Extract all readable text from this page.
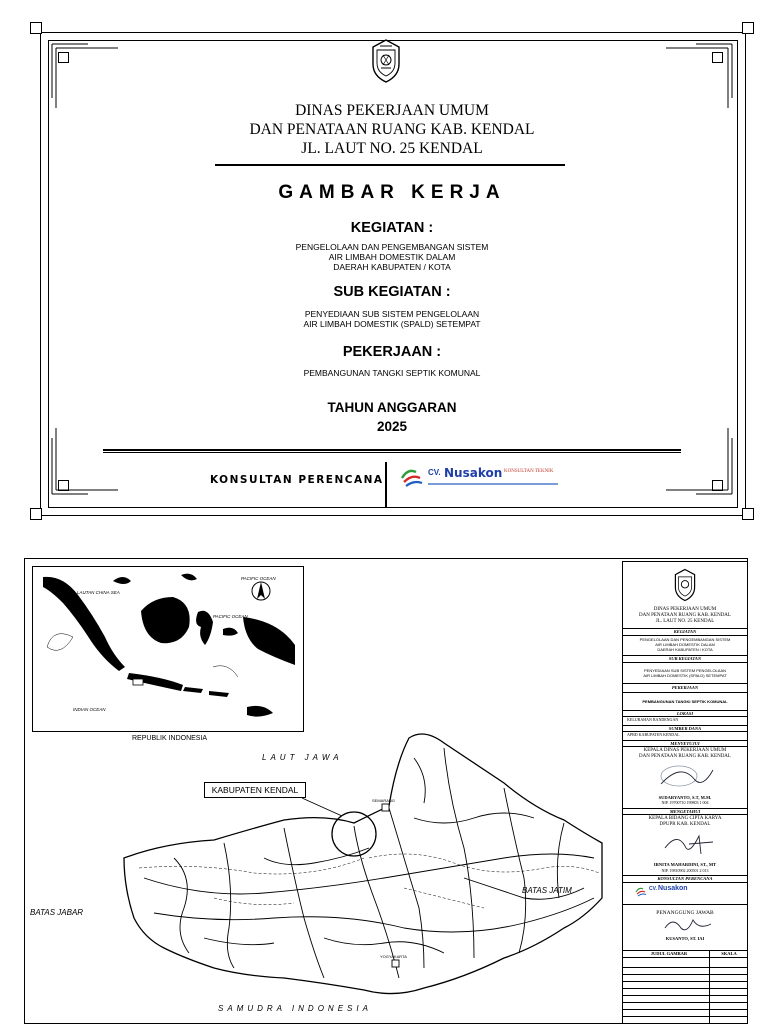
DINAS PEKERJAAN UMUM
DAN PENATAAN RUANG KAB. KENDAL
JL. LAUT NO. 25 KENDAL
GAMBAR KERJA
KEGIATAN :
PENGELOLAAN DAN PENGEMBANGAN SISTEM
AIR LIMBAH DOMESTIK DALAM
DAERAH KABUPATEN / KOTA
SUB KEGIATAN :
PENYEDIAAN SUB SISTEM PENGELOLAAN
AIR LIMBAH DOMESTIK (SPALD) SETEMPAT
PEKERJAAN :
PEMBANGUNAN TANGKI SEPTIK KOMUNAL
TAHUN ANGGARAN
2025
KONSULTAN PERENCANA
CV. Nusakon KONSULTAN TEKNIK
KABUPATEN KENDAL
LAUT JAWA
SAMUDRA INDONESIA
BATAS JABAR
BATAS JATIM
SEMARANG
YOGYAKARTA
LAUTAN CHINA SEA
PACIFIC OCEAN
INDIAN OCEAN
PACIFIC OCEAN
REPUBLIK INDONESIA
DINAS PEKERJAAN UMUM
DAN PENATAAN RUANG KAB. KENDAL
JL. LAUT NO. 25 KENDAL
KEGIATAN
PENGELOLAAN DAN PENGEMBANGAN SISTEM
AIR LIMBAH DOMESTIK DALAM
DAERAH KABUPATEN / KOTA
SUB KEGIATAN
PENYEDIAAN SUB SISTEM PENGELOLAAN
AIR LIMBAH DOMESTIK (SPALD) SETEMPAT
PEKERJAAN
PEMBANGUNAN TANGKI SEPTIK KOMUNAL
LOKASI
KELURAHAN BANDENGAN
SUMBER DANA
APBD KABUPATEN KENDAL
MENYETUJUI
KEPALA DINAS PEKERJAAN UMUM
DAN PENATAAN RUANG KAB. KENDAL
SUDARYANTO, S.T, M.M.
NIP. 19700710 199803 1 004
MENGETAHUI
KEPALA BIDANG CIPTA KARYA
DPUPR KAB. KENDAL
IRNITA MAHARDINI, ST., MT
NIP. 19810902 200501 2 013
KONSULTAN PERENCANA
CV. Nusakon
PENANGGUNG JAWAB
KUSANTO, ST. IAI
JUDUL GAMBAR	SKALA
